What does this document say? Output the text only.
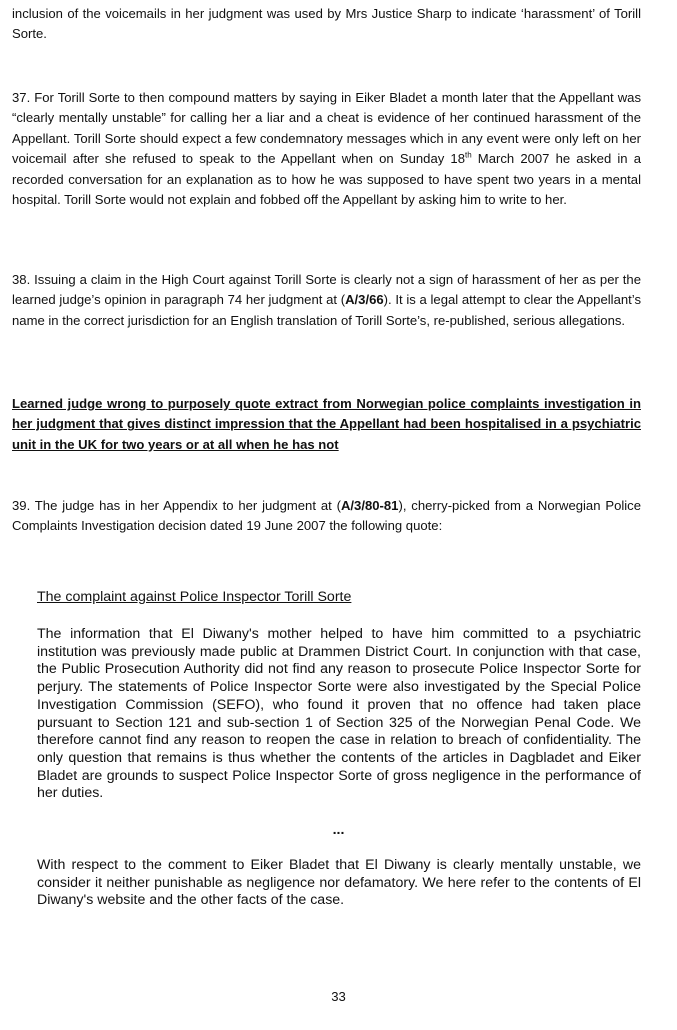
inclusion of the voicemails in her judgment was used by Mrs Justice Sharp to indicate ‘harassment’ of Torill Sorte.

37. For Torill Sorte to then compound matters by saying in Eiker Bladet a month later that the Appellant was “clearly mentally unstable” for calling her a liar and a cheat is evidence of her continued harassment of the Appellant. Torill Sorte should expect a few condemnatory messages which in any event were only left on her voicemail after she refused to speak to the Appellant when on Sunday 18th March 2007 he asked in a recorded conversation for an explanation as to how he was supposed to have spent two years in a mental hospital. Torill Sorte would not explain and fobbed off the Appellant by asking him to write to her.

38. Issuing a claim in the High Court against Torill Sorte is clearly not a sign of harassment of her as per the learned judge’s opinion in paragraph 74 her judgment at (A/3/66). It is a legal attempt to clear the Appellant’s name in the correct jurisdiction for an English translation of Torill Sorte’s, re-published, serious allegations.

Learned judge wrong to purposely quote extract from Norwegian police complaints investigation in her judgment that gives distinct impression that the Appellant had been hospitalised in a psychiatric unit in the UK for two years or at all when he has not

39. The judge has in her Appendix to her judgment at (A/3/80-81), cherry-picked from a Norwegian Police Complaints Investigation decision dated 19 June 2007 the following quote:

The complaint against Police Inspector Torill Sorte

The information that El Diwany's mother helped to have him committed to a psychiatric institution was previously made public at Drammen District Court. In conjunction with that case, the Public Prosecution Authority did not find any reason to prosecute Police Inspector Sorte for perjury. The statements of Police Inspector Sorte were also investigated by the Special Police Investigation Commission (SEFO), who found it proven that no offence had taken place pursuant to Section 121 and sub-section 1 of Section 325 of the Norwegian Penal Code. We therefore cannot find any reason to reopen the case in relation to breach of confidentiality. The only question that remains is thus whether the contents of the articles in Dagbladet and Eiker Bladet are grounds to suspect Police Inspector Sorte of gross negligence in the performance of her duties.

...

With respect to the comment to Eiker Bladet that El Diwany is clearly mentally unstable, we consider it neither punishable as negligence nor defamatory. We here refer to the contents of El Diwany's website and the other facts of the case.

33
